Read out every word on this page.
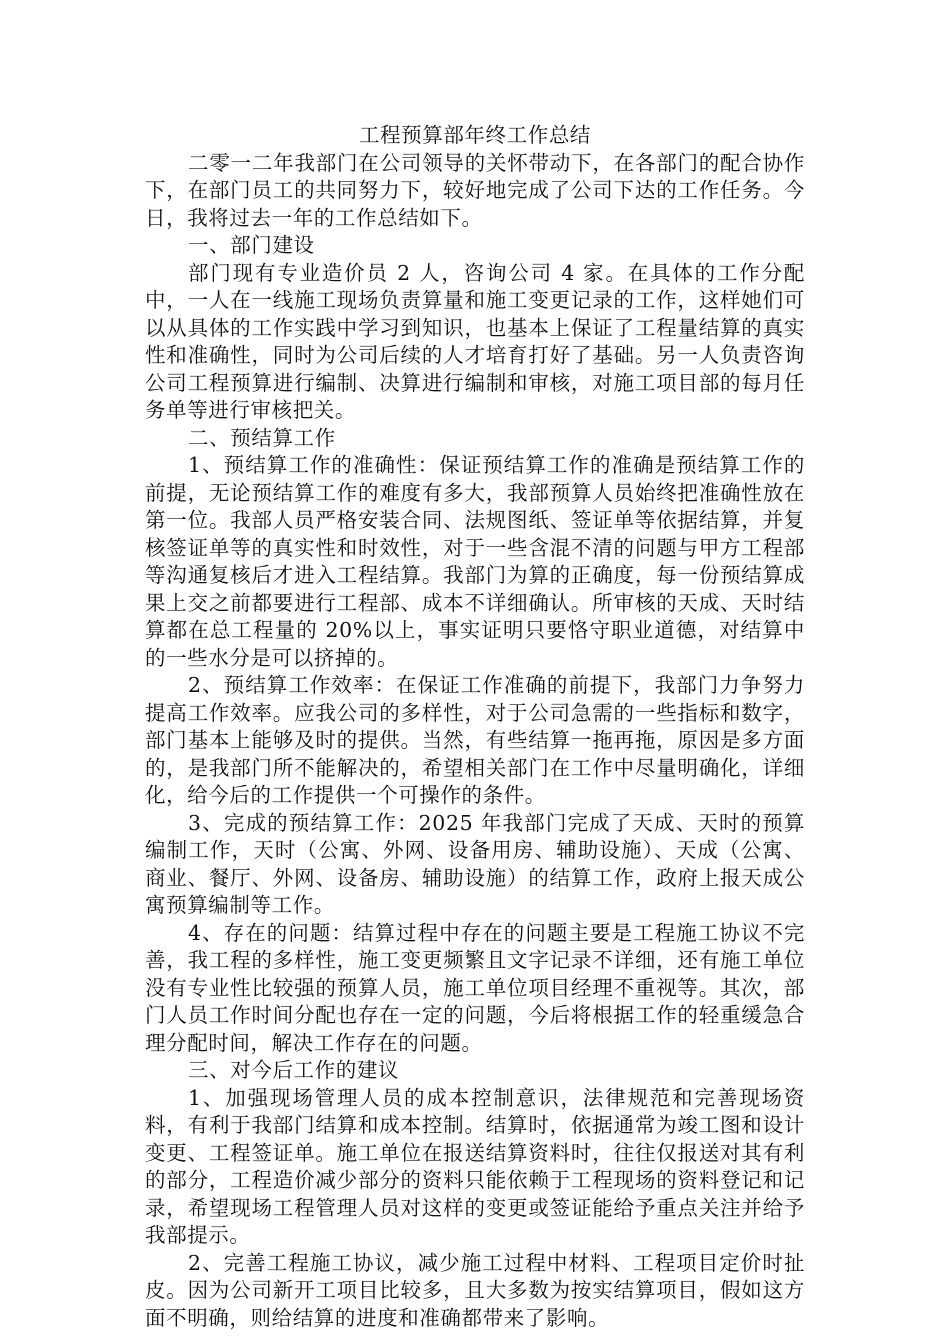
工程预算部年终工作总结

二零一二年我部门在公司领导的关怀带动下，在各部门的配合协作下，在部门员工的共同努力下，较好地完成了公司下达的工作任务。今日，我将过去一年的工作总结如下。

一、部门建设

部门现有专业造价员 2 人，咨询公司 4 家。在具体的工作分配中，一人在一线施工现场负责算量和施工变更记录的工作，这样她们可以从具体的工作实践中学习到知识，也基本上保证了工程量结算的真实性和准确性，同时为公司后续的人才培育打好了基础。另一人负责咨询公司工程预算进行编制、决算进行编制和审核，对施工项目部的每月任务单等进行审核把关。

二、预结算工作

1、预结算工作的准确性：保证预结算工作的准确是预结算工作的前提，无论预结算工作的难度有多大，我部预算人员始终把准确性放在第一位。我部人员严格安装合同、法规图纸、签证单等依据结算，并复核签证单等的真实性和时效性，对于一些含混不清的问题与甲方工程部等沟通复核后才进入工程结算。我部门为算的正确度，每一份预结算成果上交之前都要进行工程部、成本不详细确认。所审核的天成、天时结算都在总工程量的 20%以上，事实证明只要恪守职业道德，对结算中的一些水分是可以挤掉的。

2、预结算工作效率：在保证工作准确的前提下，我部门力争努力提高工作效率。应我公司的多样性，对于公司急需的一些指标和数字，部门基本上能够及时的提供。当然，有些结算一拖再拖，原因是多方面的，是我部门所不能解决的，希望相关部门在工作中尽量明确化，详细化，给今后的工作提供一个可操作的条件。

3、完成的预结算工作：2025 年我部门完成了天成、天时的预算编制工作，天时（公寓、外网、设备用房、辅助设施）、天成（公寓、商业、餐厅、外网、设备房、辅助设施）的结算工作，政府上报天成公寓预算编制等工作。

4、存在的问题：结算过程中存在的问题主要是工程施工协议不完善，我工程的多样性，施工变更频繁且文字记录不详细，还有施工单位没有专业性比较强的预算人员，施工单位项目经理不重视等。其次，部门人员工作时间分配也存在一定的问题，今后将根据工作的轻重缓急合理分配时间，解决工作存在的问题。

三、对今后工作的建议

1、加强现场管理人员的成本控制意识，法律规范和完善现场资料，有利于我部门结算和成本控制。结算时，依据通常为竣工图和设计变更、工程签证单。施工单位在报送结算资料时，往往仅报送对其有利的部分，工程造价减少部分的资料只能依赖于工程现场的资料登记和记录，希望现场工程管理人员对这样的变更或签证能给予重点关注并给予我部提示。

2、完善工程施工协议，减少施工过程中材料、工程项目定价时扯皮。因为公司新开工项目比较多，且大多数为按实结算项目，假如这方面不明确，则给结算的进度和准确都带来了影响。
